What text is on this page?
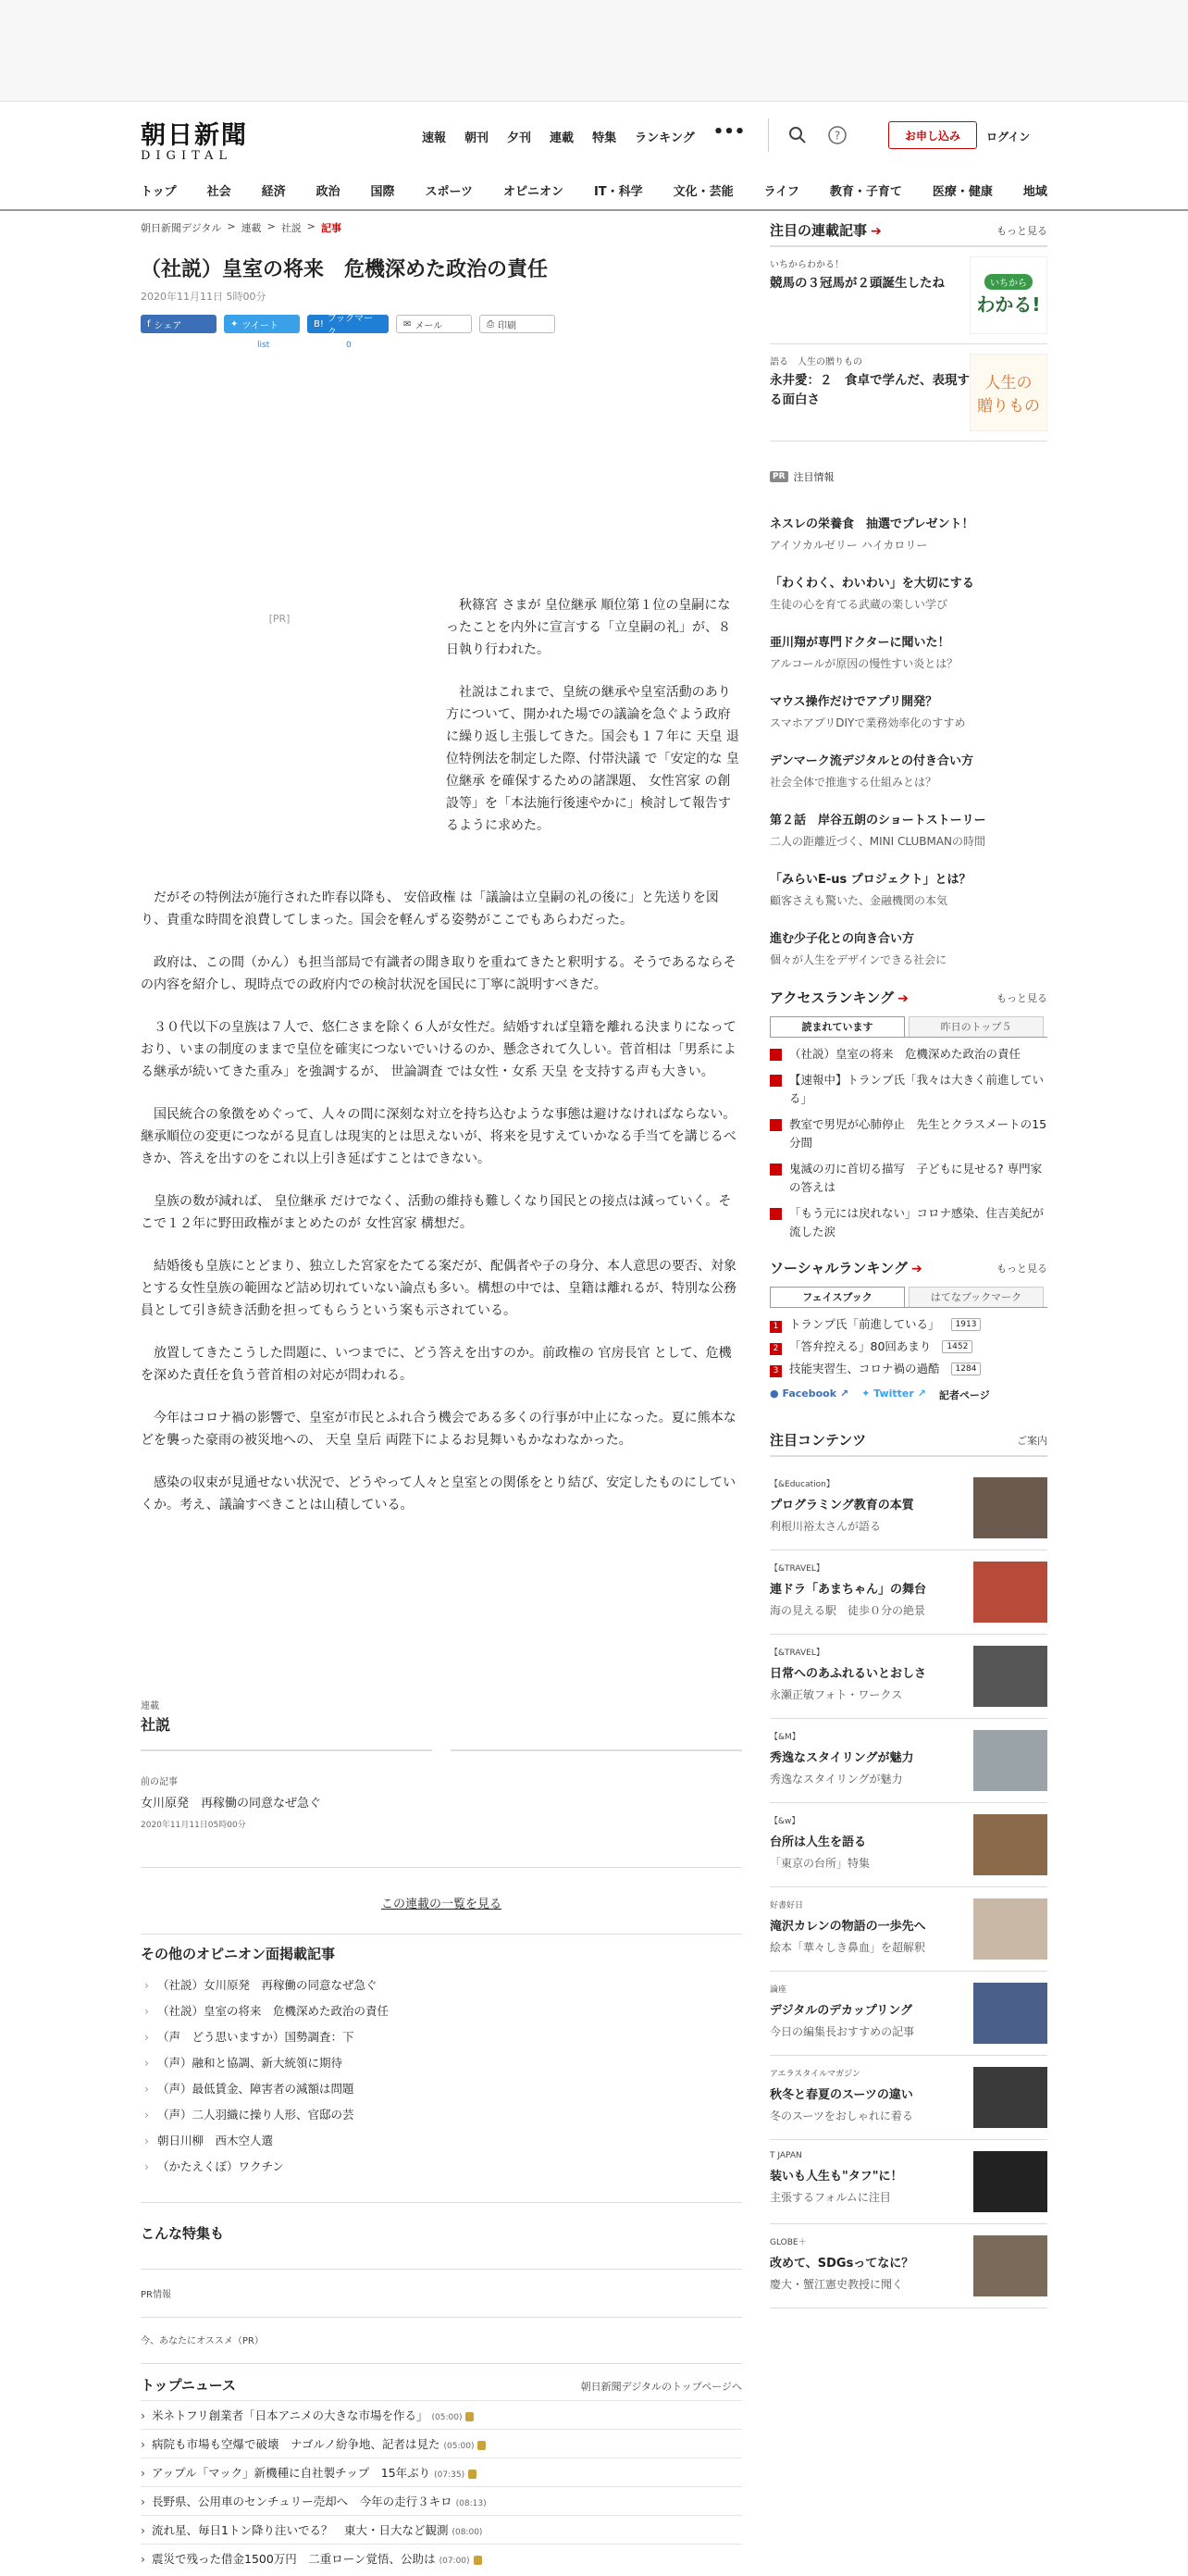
朝日新聞
DIGITAL
速報 朝刊 夕刊 連載 特集 ランキング •••	?	お申し込み	ログイン
トップ	社会	経済	政治	国際	スポーツ	オピニオン	IT・科学	文化・芸能	ライフ	教育・子育て	医療・健康	地域
朝日新聞デジタル > 連載 > 社説 > 記事
（社説）皇室の将来　危機深めた政治の責任
2020年11月11日 5時00分
f シェア	✦ ツイート	B! ブックマーク
✉ メール	⎙ 印刷
list	0
[PR]

秋篠宮 さまが 皇位継承 順位第１位の皇嗣になったことを内外に宣言する「立皇嗣の礼」が、８日執り行われた。

社説はこれまで、皇統の継承や皇室活動のあり方について、開かれた場での議論を急ぐよう政府に繰り返し主張してきた。国会も１７年に 天皇 退位特例法を制定した際、付帯決議 で「安定的な 皇位継承 を確保するための諸課題、 女性宮家 の創設等」を「本法施行後速やかに」検討して報告するように求めた。

だがその特例法が施行された昨春以降も、 安倍政権 は「議論は立皇嗣の礼の後に」と先送りを図り、貴重な時間を浪費してしまった。国会を軽んずる姿勢がここでもあらわだった。

政府は、この間（かん）も担当部局で有識者の聞き取りを重ねてきたと釈明する。そうであるならその内容を紹介し、現時点での政府内での検討状況を国民に丁寧に説明すべきだ。

３０代以下の皇族は７人で、悠仁さまを除く６人が女性だ。結婚すれば皇籍を離れる決まりになっており、いまの制度のままで皇位を確実につないでいけるのか、懸念されて久しい。菅首相は「男系による継承が続いてきた重み」を強調するが、 世論調査 では女性・女系 天皇 を支持する声も大きい。

国民統合の象徴をめぐって、人々の間に深刻な対立を持ち込むような事態は避けなければならない。継承順位の変更につながる見直しは現実的とは思えないが、将来を見すえていかなる手当てを講じるべきか、答えを出すのをこれ以上引き延ばすことはできない。

皇族の数が減れば、 皇位継承 だけでなく、活動の維持も難しくなり国民との接点は減っていく。そこで１２年に野田政権がまとめたのが 女性宮家 構想だ。

結婚後も皇族にとどまり、独立した宮家をたてる案だが、配偶者や子の身分、本人意思の要否、対象とする女性皇族の範囲など詰め切れていない論点も多い。構想の中では、皇籍は離れるが、特別な公務員として引き続き活動を担ってもらうという案も示されている。

放置してきたこうした問題に、いつまでに、どう答えを出すのか。前政権の 官房長官 として、危機を深めた責任を負う菅首相の対応が問われる。

今年はコロナ禍の影響で、皇室が市民とふれ合う機会である多くの行事が中止になった。夏に熊本などを襲った豪雨の被災地への、 天皇 皇后 両陛下によるお見舞いもかなわなかった。

感染の収束が見通せない状況で、どうやって人々と皇室との関係をとり結び、安定したものにしていくか。考え、議論すべきことは山積している。

連載
社説
前の記事
女川原発　再稼働の同意なぜ急ぐ
2020年11月11日05時00分
この連載の一覧を見る
その他のオピニオン面掲載記事
› （社説）女川原発　再稼働の同意なぜ急ぐ
› （社説）皇室の将来　危機深めた政治の責任
› （声　どう思いますか）国勢調査：下
› （声）融和と協調、新大統領に期待
› （声）最低賃金、障害者の減額は問題
› （声）二人羽織に操り人形、官邸の芸
› 朝日川柳　西木空人選
› （かたえくぼ）ワクチン
こんな特集も
PR情報
今、あなたにオススメ（PR）
トップニュース	朝日新聞デジタルのトップページへ
› 米ネトフリ創業者「日本アニメの大きな市場を作る」 (05:00)
› 病院も市場も空爆で破壊　ナゴルノ紛争地、記者は見た (05:00)
› アップル「マック」新機種に自社製チップ　15年ぶり (07:35)
› 長野県、公用車のセンチュリー売却へ　今年の走行３キロ (08:13)
› 流れ星、毎日1トン降り注いでる？　東大・日大など観測 (08:00)
› 震災で残った借金1500万円　二重ローン覚悟、公助は (07:00)
注目の連載記事 ➔	もっと見る
いちからわかる！
競馬の３冠馬が２頭誕生したね	いちから
わかる!
語る　人生の贈りもの
永井愛：２　食卓で学んだ、表現する面白さ
人生の
贈りもの
PR 注目情報
ネスレの栄養食　抽選でプレゼント！
アイソカルゼリー ハイカロリー
「わくわく、わいわい」を大切にする
生徒の心を育てる武蔵の楽しい学び
亜川翔が専門ドクターに聞いた！
アルコールが原因の慢性すい炎とは？
マウス操作だけでアプリ開発？
スマホアプリDIYで業務効率化のすすめ
デンマーク流デジタルとの付き合い方
社会全体で推進する仕組みとは？
第２話　岸谷五朗のショートストーリー
二人の距離近づく、MINI CLUBMANの時間
「みらいE-us プロジェクト」とは？
顧客さえも驚いた、金融機関の本気
進む少子化との向き合い方
個々が人生をデザインできる社会に
アクセスランキング ➔	もっと見る
読まれています	昨日のトップ５
（社説）皇室の将来　危機深めた政治の責任
【速報中】トランプ氏「我々は大きく前進している」
教室で男児が心肺停止　先生とクラスメートの15分間
鬼滅の刃に首切る描写　子どもに見せる? 専門家の答えは
「もう元には戻れない」コロナ感染、住吉美紀が流した涙
ソーシャルランキング ➔	もっと見る
フェイスブック	はてなブックマーク
1 トランプ氏「前進している」	1913
2 「答弁控える」80回あまり	1452
3 技能実習生、コロナ禍の過酷	1284
● Facebook ↗ ✦ Twitter ↗ 記者ページ
注目コンテンツ	ご案内
【&Education】
プログラミング教育の本質
利根川裕太さんが語る
【&TRAVEL】
連ドラ「あまちゃん」の舞台
海の見える駅　徒歩０分の絶景
【&TRAVEL】
日常へのあふれるいとおしさ
永瀬正敏フォト・ワークス
【&M】
秀逸なスタイリングが魅力
秀逸なスタイリングが魅力
【&w】
台所は人生を語る
「東京の台所」特集
好書好日
滝沢カレンの物語の一歩先へ
絵本「華々しき鼻血」を超解釈
論座
デジタルのデカップリング
今日の編集長おすすめの記事
アエラスタイルマガジン
秋冬と春夏のスーツの違い
冬のスーツをおしゃれに着る
T JAPAN
装いも人生も"タフ"に！
主張するフォルムに注目
GLOBE＋
改めて、SDGsってなに？
慶大・蟹江憲史教授に聞く
